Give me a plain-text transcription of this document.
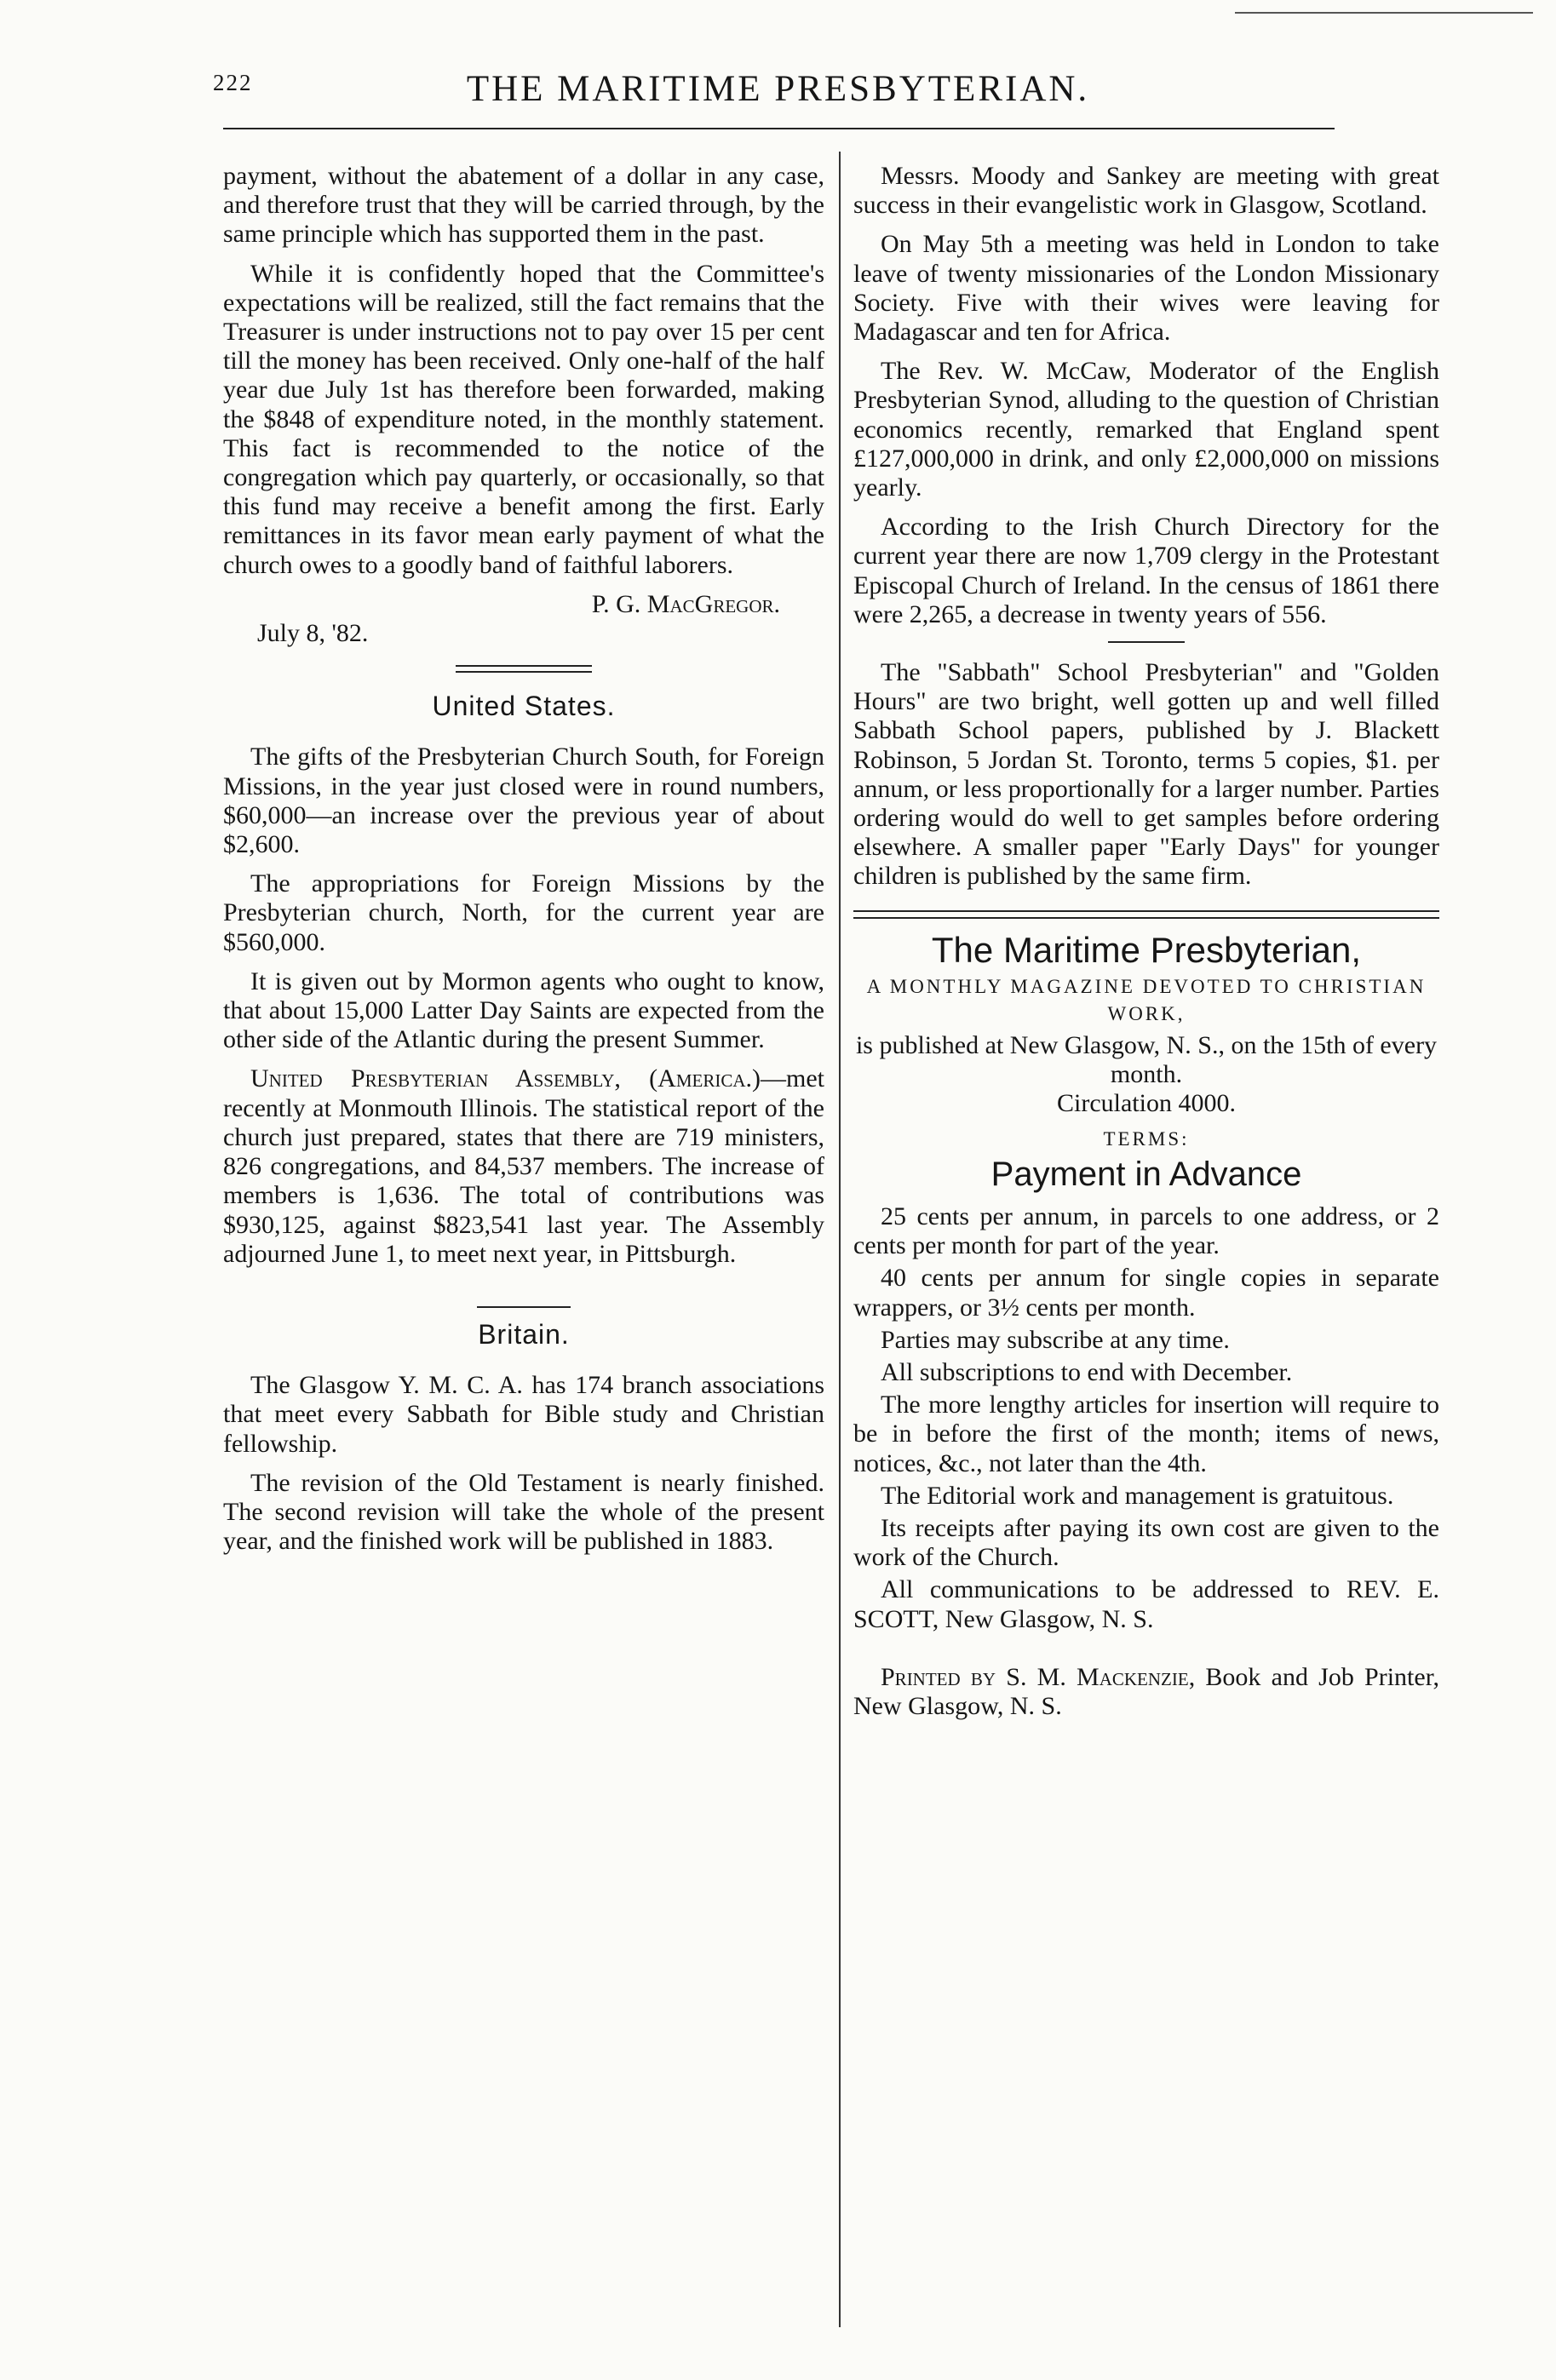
222	THE MARITIME PRESBYTERIAN.

payment, without the abatement of a dollar in any case, and therefore trust that they will be carried through, by the same principle which has supported them in the past.

While it is confidently hoped that the Committee's expectations will be realized, still the fact remains that the Treasurer is under instructions not to pay over 15 per cent till the money has been received. Only one-half of the half year due July 1st has therefore been forwarded, making the $848 of expenditure noted, in the monthly statement. This fact is recommended to the notice of the congregation which pay quarterly, or occasionally, so that this fund may receive a benefit among the first. Early remittances in its favor mean early payment of what the church owes to a goodly band of faithful laborers.

P. G. MacGregor.

July 8, '82.

United States.

The gifts of the Presbyterian Church South, for Foreign Missions, in the year just closed were in round numbers, $60,000—an increase over the previous year of about $2,600.

The appropriations for Foreign Missions by the Presbyterian church, North, for the current year are $560,000.

It is given out by Mormon agents who ought to know, that about 15,000 Latter Day Saints are expected from the other side of the Atlantic during the present Summer.

United Presbyterian Assembly, (America.)—met recently at Monmouth Illinois. The statistical report of the church just prepared, states that there are 719 ministers, 826 congregations, and 84,537 members. The increase of members is 1,636. The total of contributions was $930,125, against $823,541 last year. The Assembly adjourned June 1, to meet next year, in Pittsburgh.

Britain.

The Glasgow Y. M. C. A. has 174 branch associations that meet every Sabbath for Bible study and Christian fellowship.

The revision of the Old Testament is nearly finished. The second revision will take the whole of the present year, and the finished work will be published in 1883.

Messrs. Moody and Sankey are meeting with great success in their evangelistic work in Glasgow, Scotland.

On May 5th a meeting was held in London to take leave of twenty missionaries of the London Missionary Society. Five with their wives were leaving for Madagascar and ten for Africa.

The Rev. W. McCaw, Moderator of the English Presbyterian Synod, alluding to the question of Christian economics recently, remarked that England spent £127,000,000 in drink, and only £2,000,000 on missions yearly.

According to the Irish Church Directory for the current year there are now 1,709 clergy in the Protestant Episcopal Church of Ireland. In the census of 1861 there were 2,265, a decrease in twenty years of 556.

The "Sabbath" School Presbyterian" and "Golden Hours" are two bright, well gotten up and well filled Sabbath School papers, published by J. Blackett Robinson, 5 Jordan St. Toronto, terms 5 copies, $1. per annum, or less proportionally for a larger number. Parties ordering would do well to get samples before ordering elsewhere. A smaller paper "Early Days" for younger children is published by the same firm.

The Maritime Presbyterian,

A MONTHLY MAGAZINE DEVOTED TO CHRISTIAN WORK,

is published at New Glasgow, N. S., on the 15th of every month.

Circulation 4000.

TERMS:

Payment in Advance

25 cents per annum, in parcels to one address, or 2 cents per month for part of the year.

40 cents per annum for single copies in separate wrappers, or 3½ cents per month.

Parties may subscribe at any time.

All subscriptions to end with December.

The more lengthy articles for insertion will require to be in before the first of the month; items of news, notices, &c., not later than the 4th.

The Editorial work and management is gratuitous.

Its receipts after paying its own cost are given to the work of the Church.

All communications to be addressed to REV. E. SCOTT, New Glasgow, N. S.

Printed by S. M. Mackenzie, Book and Job Printer, New Glasgow, N. S.
